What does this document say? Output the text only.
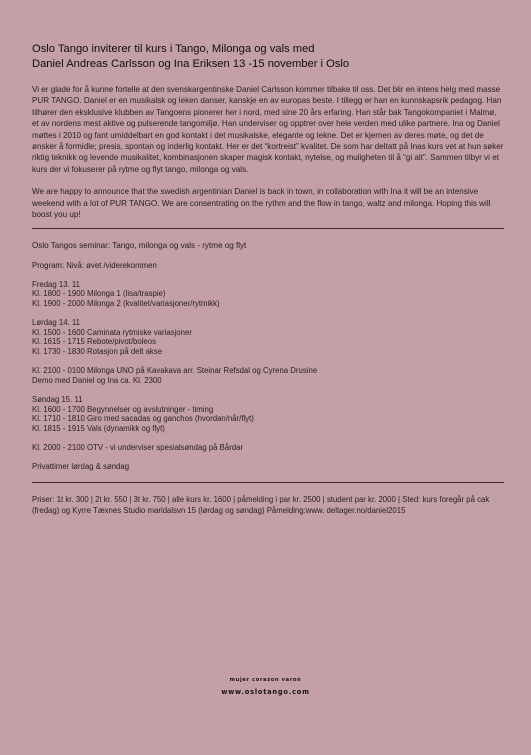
Oslo Tango inviterer til kurs i Tango, Milonga og vals med
Daniel Andreas Carlsson og Ina Eriksen 13 -15 november i Oslo

Vi er glade for å kunne fortelle at den svenskargentinske Daniel Carlsson kommer tilbake til oss. Det blir en intens helg med masse PUR TANGO. Daniel er en musikalsk og leken danser, kanskje en av europas beste. I tillegg er han en kunnskapsrik pedagog. Han tilhører den eksklusive klubben av Tangoens pionerer her i nord, med sine 20 års erfaring. Han står bak Tangokompaniet i Malmø, et av nordens mest aktive og pulserende tangomiljø. Han underviser og opptrer over hele verden med ulike partnere. Ina og Daniel møttes i 2010 og fant umiddelbart en god kontakt i det musikalske, elegante og lekne. Det er kjernen av deres møte, og det de ønsker å formidle; presis, spontan og inderlig kontakt. Her er det “kortreist” kvalitet. De som har deltatt på Inas kurs vet at hun søker riktig teknikk og levende musikalitet, kombinasjonen skaper magisk kontakt, nytelse, og muligheten til å “gi alt”. Sammen tilbyr vi et kurs der vi fokuserer på rytme og flyt tango, milonga og vals.

We are happy to announce that the swedish argentinian Daniel is back in town, in collaboration with Ina it will be an intensive weekend with a lot of PUR TANGO. We are consentrating on the rythm and the flow in tango, waltz and milonga. Hoping this will boost you up!

Oslo Tangos seminar: Tango, milonga og vals - rytme og flyt
Program: Nivå: øvet /viderekommen
Fredag 13. 11
Kl. 1800 - 1900 Milonga 1 (lisa/traspie)
Kl. 1900 - 2000 Milonga 2 (kvalitet/variasjoner/rytmikk)
Lørdag 14. 11
Kl. 1500 - 1600 Caminata rytmiske variasjoner
Kl. 1615 - 1715 Rebote/pivot/boleos
Kl. 1730 - 1830 Rotasjon på delt akse
Kl. 2100 - 0100 Milonga UNO på Kavakava arr. Steinar Refsdal og Cyrena Drusine
Demo med Daniel og Ina ca. Kl. 2300
Søndag 15. 11
Kl. 1600 - 1700 Begynnelser og avslutninger - timing
Kl. 1710 - 1810 Giro med sacadas og ganchos (hvordan/når/flyt)
Kl. 1815 - 1915 Vals (dynamikk og flyt)
Kl. 2000 - 2100 OTV - vi underviser spesialsøndag på Bårdar
Privattimer lørdag & søndag
Priser: 1t kr. 300 | 2t kr. 550 | 3t kr. 750 | alle kurs kr. 1600 | påmelding i par kr. 2500 | student par kr. 2000 | Sted: kurs foregår på cak (fredag) og Kyrre Tæxnes Studio maridalsvn 15 (lørdag og søndag) Påmelding:www. deltager.no/daniel2015
mujer corazon varon
www.oslotango.com
